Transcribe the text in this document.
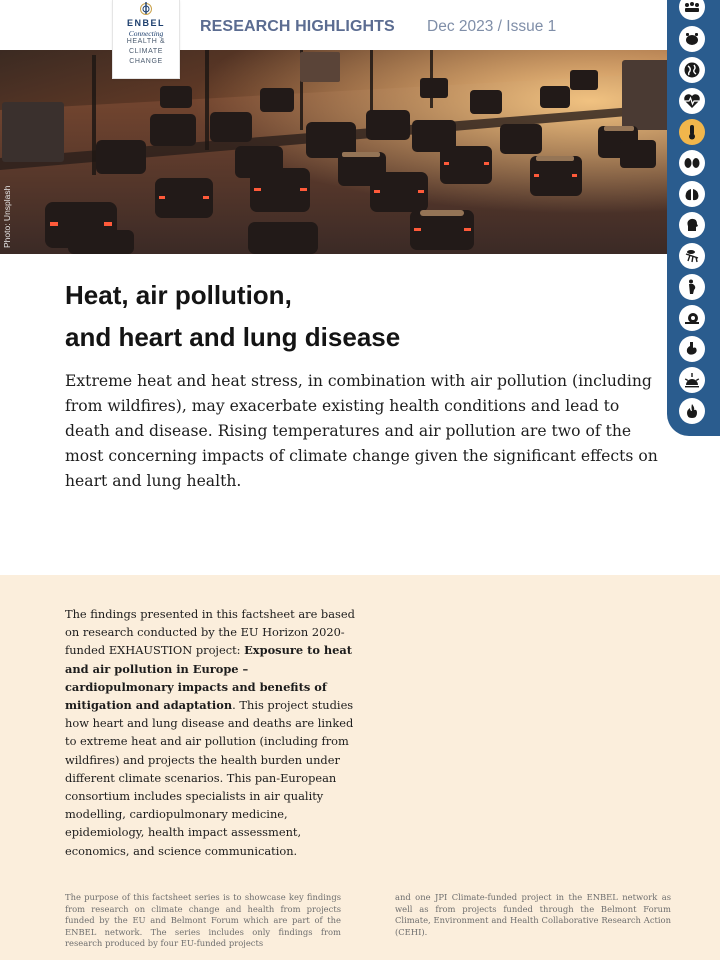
ENBEL
Connecting
HEALTH &
CLIMATE
CHANGE
RESEARCH HIGHLIGHTS Dec 2023 / Issue 1
Photo: Unsplash
Heat, air pollution,
and heart and lung disease

Extreme heat and heat stress, in combination with air pollution (including from wildfires), may exacerbate existing health conditions and lead to death and disease. Rising temperatures and air pollution are two of the most concerning impacts of climate change given the significant effects on heart and lung health.

The findings presented in this factsheet are based on research conducted by the EU Horizon 2020-funded EXHAUSTION project: Exposure to heat and air pollution in Europe – cardiopulmonary impacts and benefits of mitigation and adaptation. This project studies how heart and lung disease and deaths are linked to extreme heat and air pollution (including from wildfires) and projects the health burden under different climate scenarios. This pan-European consortium includes specialists in air quality modelling, cardiopulmonary medicine, epidemiology, health impact assessment, economics, and science communication.

The purpose of this factsheet series is to showcase key findings from research on climate change and health from projects funded by the EU and Belmont Forum which are part of the ENBEL network. The series includes only findings from research produced by four EU-funded projects

and one JPI Climate-funded project in the ENBEL network as well as from projects funded through the Belmont Forum Climate, Environment and Health Collaborative Research Action (CEHI).
